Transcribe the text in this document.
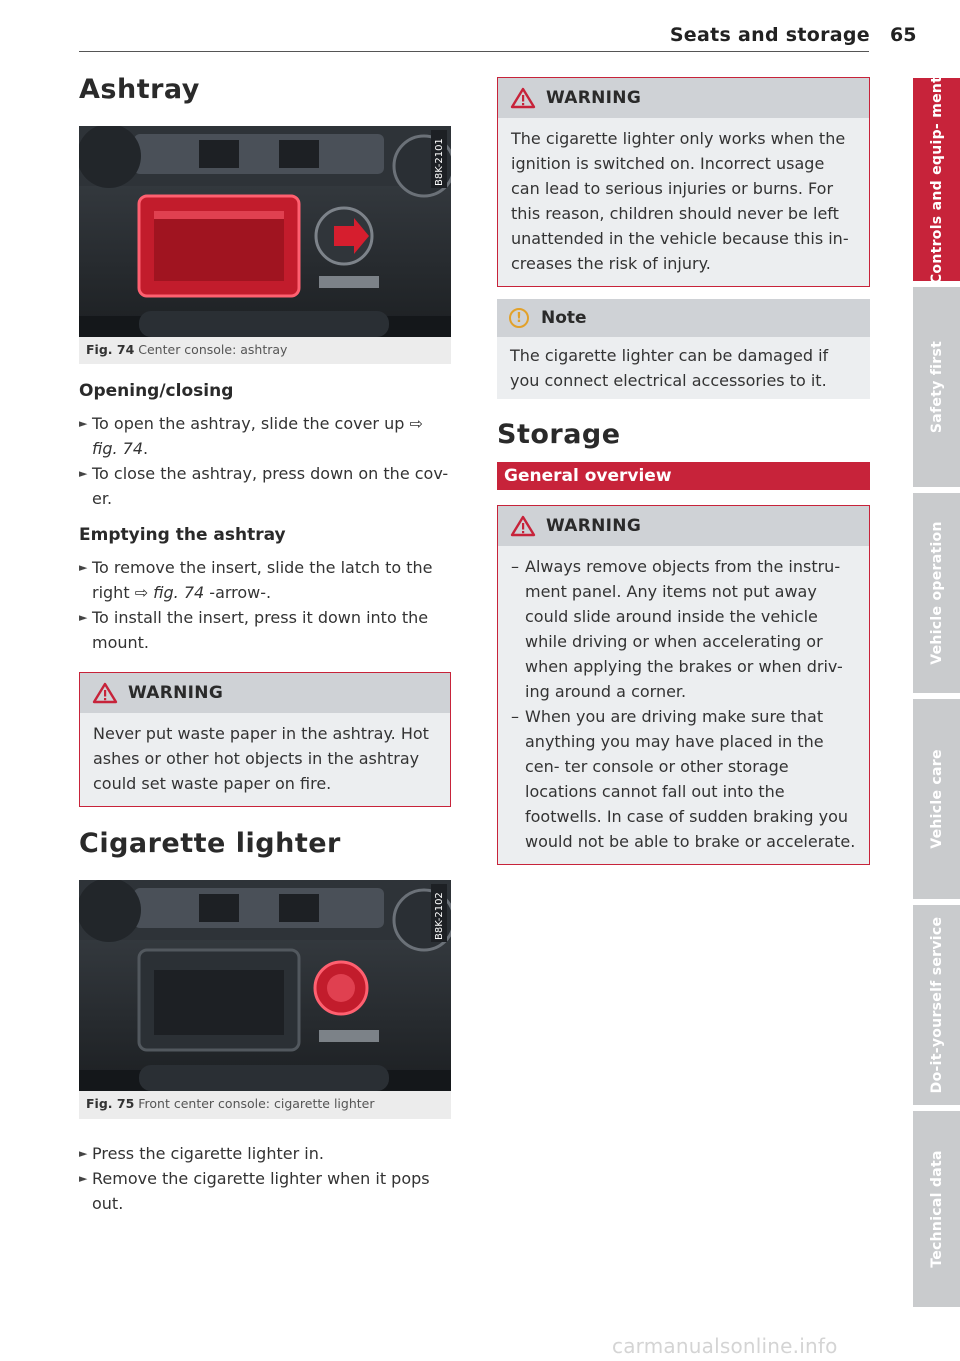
Seats and storage 65
Ashtray
B8K-2101
Fig. 74 Center console: ashtray
Opening/closing
► To open the ashtray, slide the cover up ⇨ fig. 74.
► To close the ashtray, press down on the cov- er.
Emptying the ashtray
► To remove the insert, slide the latch to the right ⇨ fig. 74 -arrow-.
► To install the insert, press it down into the mount.
WARNING
Never put waste paper in the ashtray. Hot ashes or other hot objects in the ashtray could set waste paper on fire.
Cigarette lighter
B8K-2102
Fig. 75 Front center console: cigarette lighter
► Press the cigarette lighter in.
► Remove the cigarette lighter when it pops out.
WARNING
The cigarette lighter only works when the ignition is switched on. Incorrect usage can lead to serious injuries or burns. For this reason, children should never be left unattended in the vehicle because this in- creases the risk of injury.
!	Note
The cigarette lighter can be damaged if you connect electrical accessories to it.
Storage
General overview
WARNING
– Always remove objects from the instru- ment panel. Any items not put away could slide around inside the vehicle while driving or when accelerating or when applying the brakes or when driv- ing around a corner.
– When you are driving make sure that anything you may have placed in the cen- ter console or other storage locations cannot fall out into the footwells. In case of sudden braking you would not be able to brake or accelerate.
Controls and equip- ment
Safety first
Vehicle operation
Vehicle care
Do-it-yourself service
Technical data
carmanualsonline.info
